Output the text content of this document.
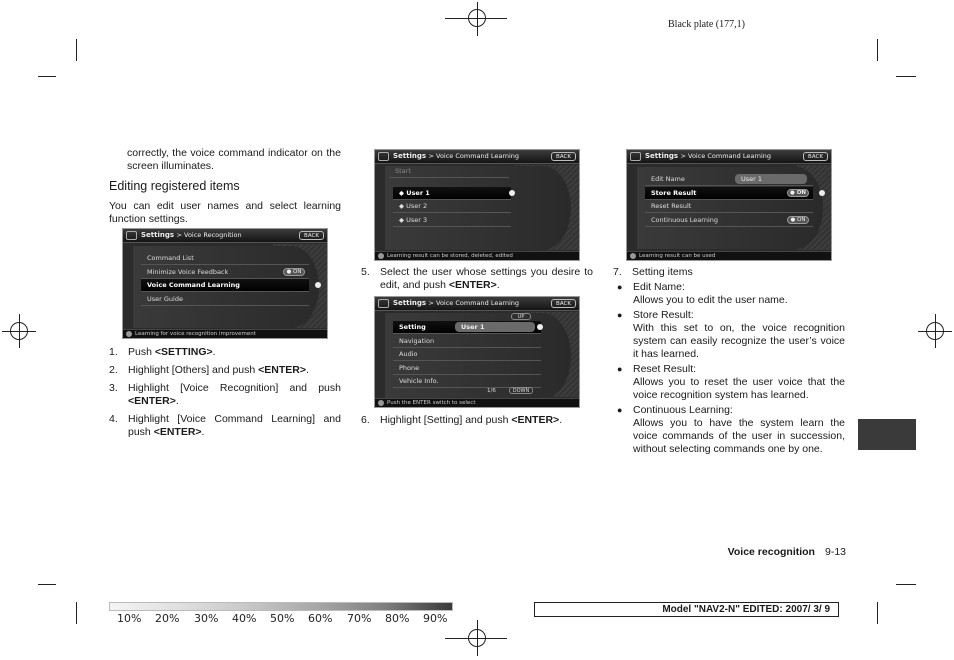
Black plate (177,1)

correctly, the voice command indicator on the screen illuminates.

Editing registered items

You can edit user names and select learning function settings.

Settings > Voice Recognition	BACK
Command List
Minimize Voice Feedback	● ON
Voice Command Learning
User Guide
Learning for voice recognition improvement
1. Push <SETTING>.
2. Highlight [Others] and push <ENTER>.
3. Highlight [Voice Recognition] and push <ENTER>.
4. Highlight [Voice Command Learning] and push <ENTER>.
Settings > Voice Command Learning	BACK
Start
◆ User 1
◆ User 2
◆ User 3
Learning result can be stored, deleted, edited
5. Select the user whose settings you desire to edit, and push <ENTER>.
Settings > Voice Command Learning	BACK
UP
Setting	User 1
Navigation
Audio
Phone
Vehicle Info.
1/6	DOWN
Push the ENTER switch to select
6. Highlight [Setting] and push <ENTER>.
Settings > Voice Command Learning	BACK
Edit Name	User 1
Store Result	● ON
Reset Result
Continuous Learning	● ON
Learning result can be used
7. Setting items
●	Edit Name:
Allows you to edit the user name.
●	Store Result:
With this set to on, the voice recognition system can easily recognize the user’s voice it has learned.
●	Reset Result:
Allows you to reset the user voice that the voice recognition system has learned.
●	Continuous Learning:
Allows you to have the system learn the voice commands of the user in succession, without selecting commands one by one.
Voice recognition 9-13
10% 20% 30% 40% 50% 60% 70% 80% 90%
Model "NAV2-N" EDITED: 2007/ 3/ 9
